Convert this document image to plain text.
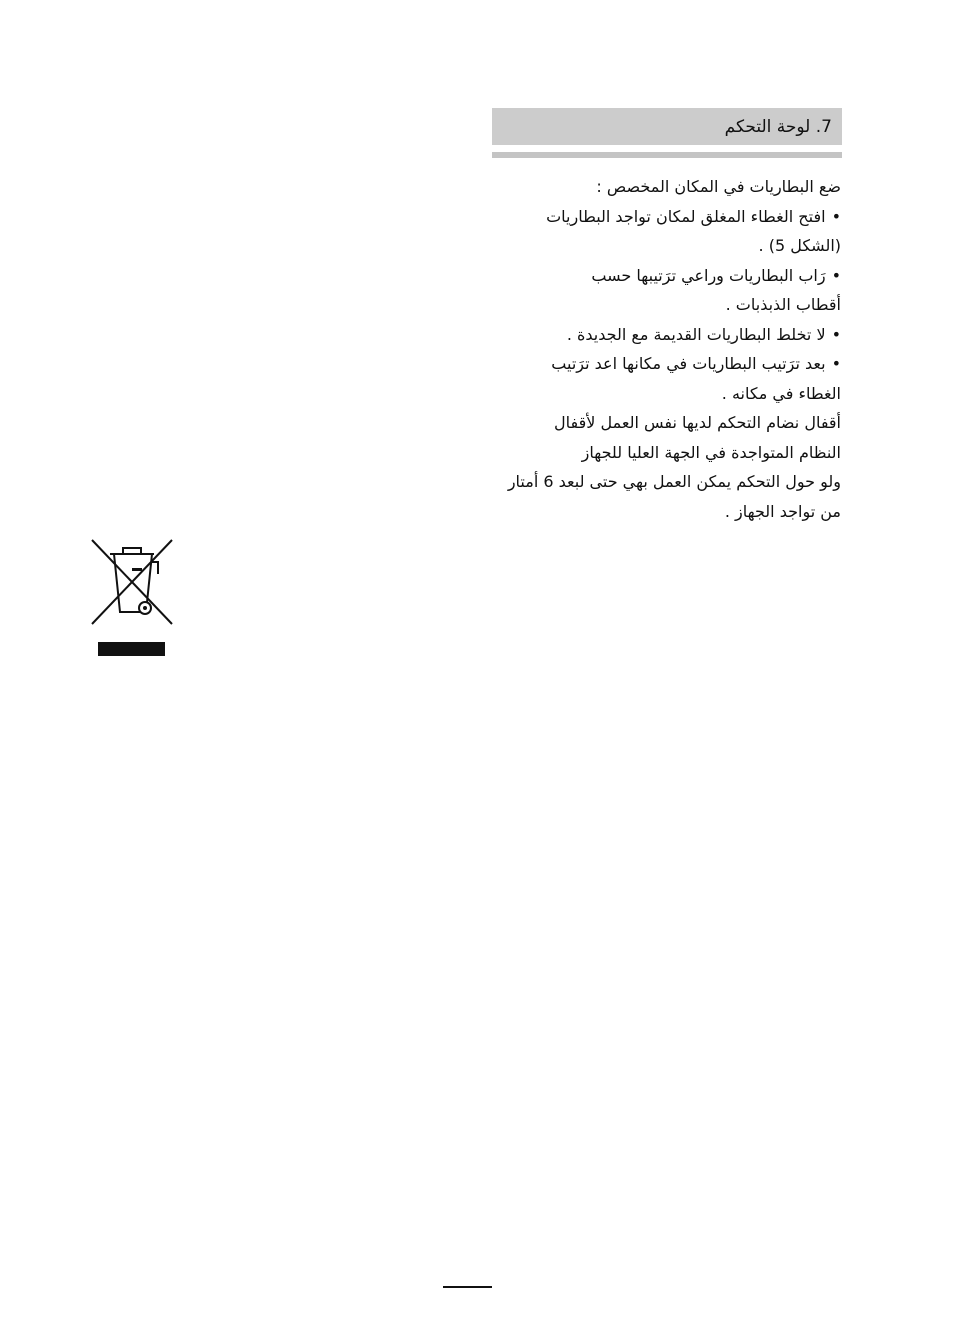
7. لوحة التحكم
ضع البطاريات في المكان المخصص :
•افتح الغطاء المغلق لمكان تواجد البطاريات
(الشكل 5) .
•رَاب البطاريات وراعي ترَتيبها حسب
أقطاب الذبذبات .
•لا تخلط البطاريات القديمة مع الجديدة .
•بعد ترَتيب البطاريات في مكانها اعد ترَتيب
الغطاء في مكانه .
أقفال نضام التحكم لديها نفس العمل لأقفال
النظام المتواجدة في الجهة العليا للجهاز
ولو حول التحكم يمكن العمل بهي حتى لبعد 6 أمتار
من تواجد الجهاز .
